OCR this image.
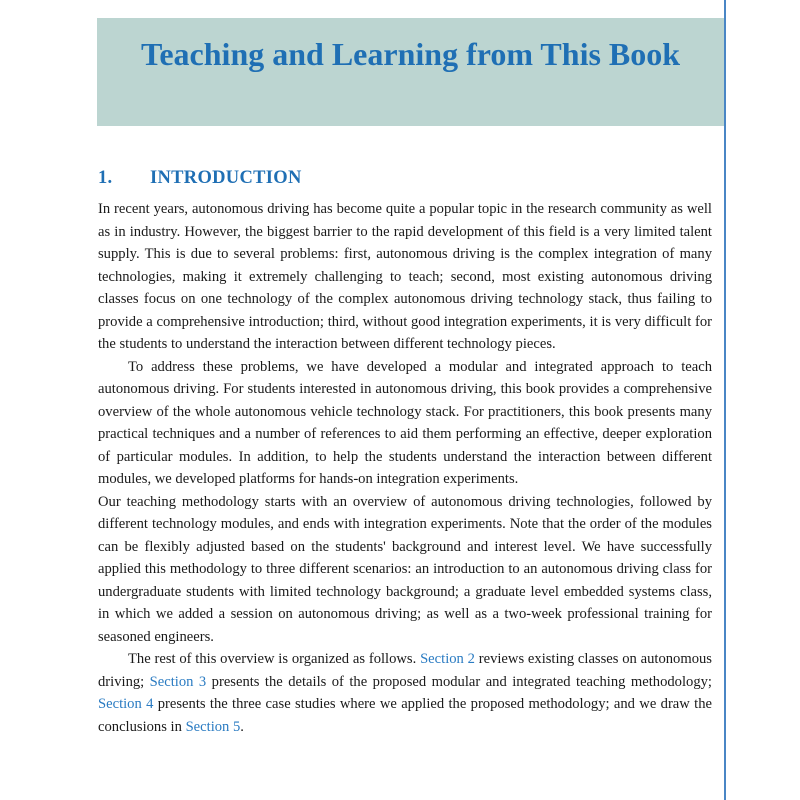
Teaching and Learning from This Book
1. INTRODUCTION

In recent years, autonomous driving has become quite a popular topic in the research community as well as in industry. However, the biggest barrier to the rapid development of this field is a very limited talent supply. This is due to several problems: first, autonomous driving is the complex integration of many technologies, making it extremely challenging to teach; second, most existing autonomous driving classes focus on one technology of the complex autonomous driving technology stack, thus failing to provide a comprehensive introduction; third, without good integration experiments, it is very difficult for the students to understand the interaction between different technology pieces.

To address these problems, we have developed a modular and integrated approach to teach autonomous driving. For students interested in autonomous driving, this book provides a comprehensive overview of the whole autonomous vehicle technology stack. For practitioners, this book presents many practical techniques and a number of references to aid them performing an effective, deeper exploration of particular modules. In addition, to help the students understand the interaction between different modules, we developed platforms for hands-on integration experiments.

Our teaching methodology starts with an overview of autonomous driving technologies, followed by different technology modules, and ends with integration experiments. Note that the order of the modules can be flexibly adjusted based on the students' background and interest level. We have successfully applied this methodology to three different scenarios: an introduction to an autonomous driving class for undergraduate students with limited technology background; a graduate level embedded systems class, in which we added a session on autonomous driving; as well as a two-week professional training for seasoned engineers.

The rest of this overview is organized as follows. Section 2 reviews existing classes on autonomous driving; Section 3 presents the details of the proposed modular and integrated teaching methodology; Section 4 presents the three case studies where we applied the proposed methodology; and we draw the conclusions in Section 5.
